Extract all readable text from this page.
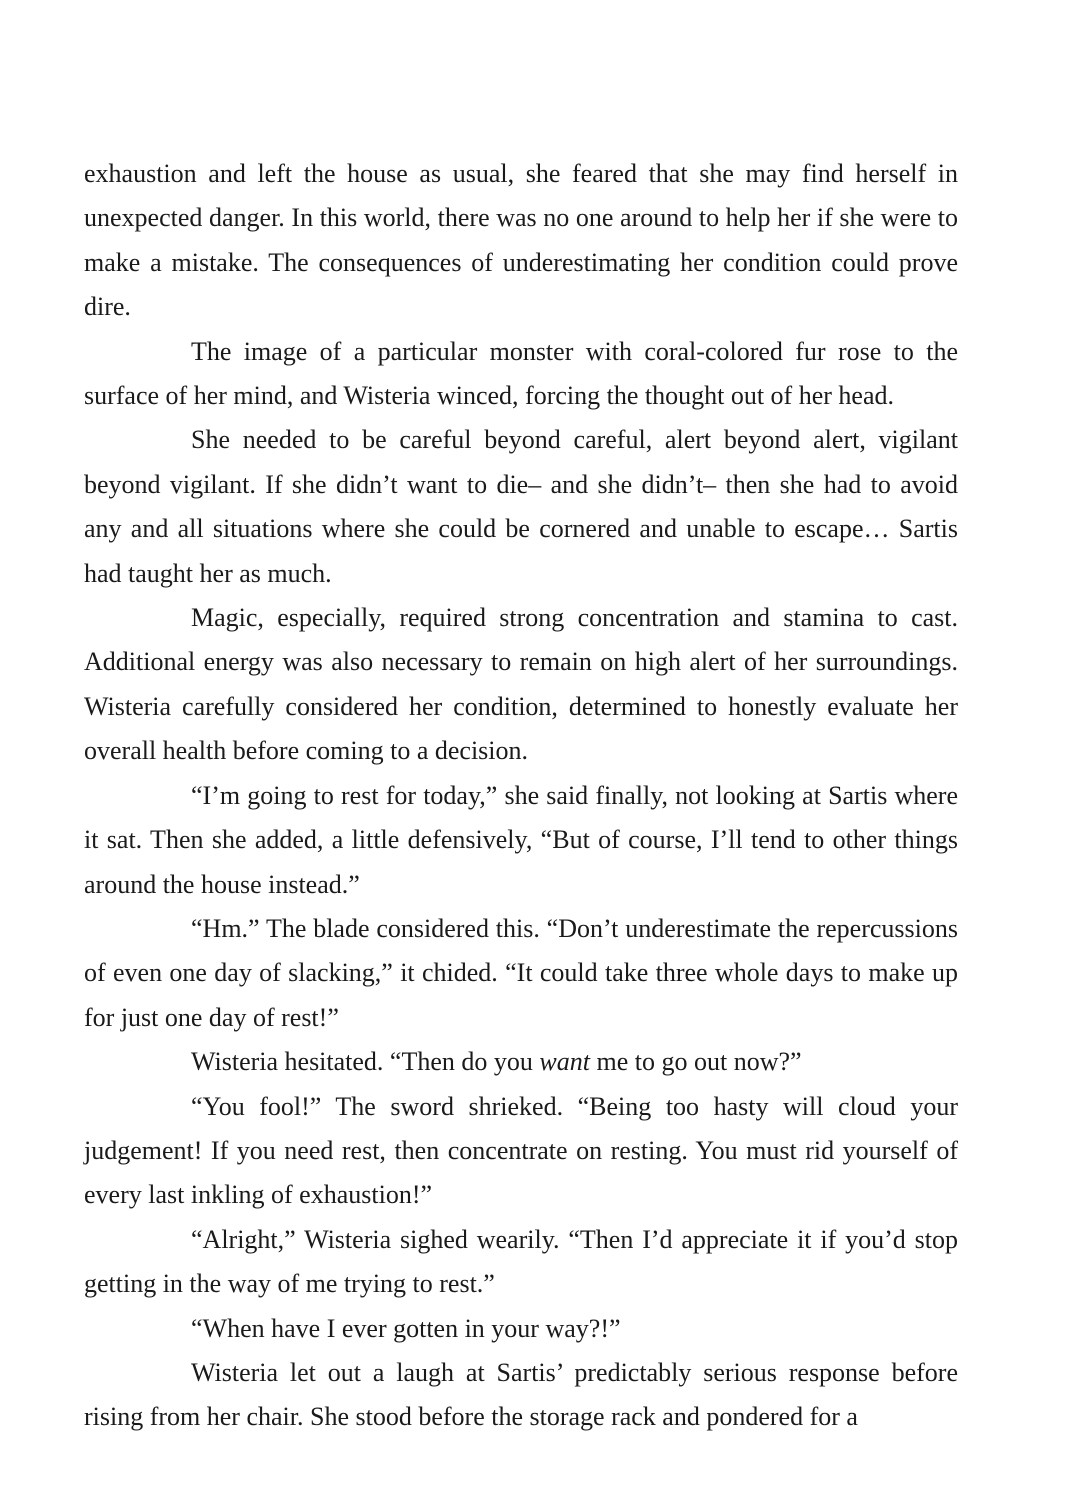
exhaustion and left the house as usual, she feared that she may find herself in unexpected danger. In this world, there was no one around to help her if she were to make a mistake. The consequences of underestimating her condition could prove dire.

The image of a particular monster with coral-colored fur rose to the surface of her mind, and Wisteria winced, forcing the thought out of her head.

She needed to be careful beyond careful, alert beyond alert, vigilant beyond vigilant. If she didn’t want to die– and she didn’t– then she had to avoid any and all situations where she could be cornered and unable to escape… Sartis had taught her as much.

Magic, especially, required strong concentration and stamina to cast. Additional energy was also necessary to remain on high alert of her surroundings. Wisteria carefully considered her condition, determined to honestly evaluate her overall health before coming to a decision.

“I’m going to rest for today,” she said finally, not looking at Sartis where it sat. Then she added, a little defensively, “But of course, I’ll tend to other things around the house instead.”

“Hm.” The blade considered this. “Don’t underestimate the repercussions of even one day of slacking,” it chided. “It could take three whole days to make up for just one day of rest!”

Wisteria hesitated. “Then do you want me to go out now?”

“You fool!” The sword shrieked. “Being too hasty will cloud your judgement! If you need rest, then concentrate on resting. You must rid yourself of every last inkling of exhaustion!”

“Alright,” Wisteria sighed wearily. “Then I’d appreciate it if you’d stop getting in the way of me trying to rest.”

“When have I ever gotten in your way?!”

Wisteria let out a laugh at Sartis’ predictably serious response before rising from her chair. She stood before the storage rack and pondered for a
